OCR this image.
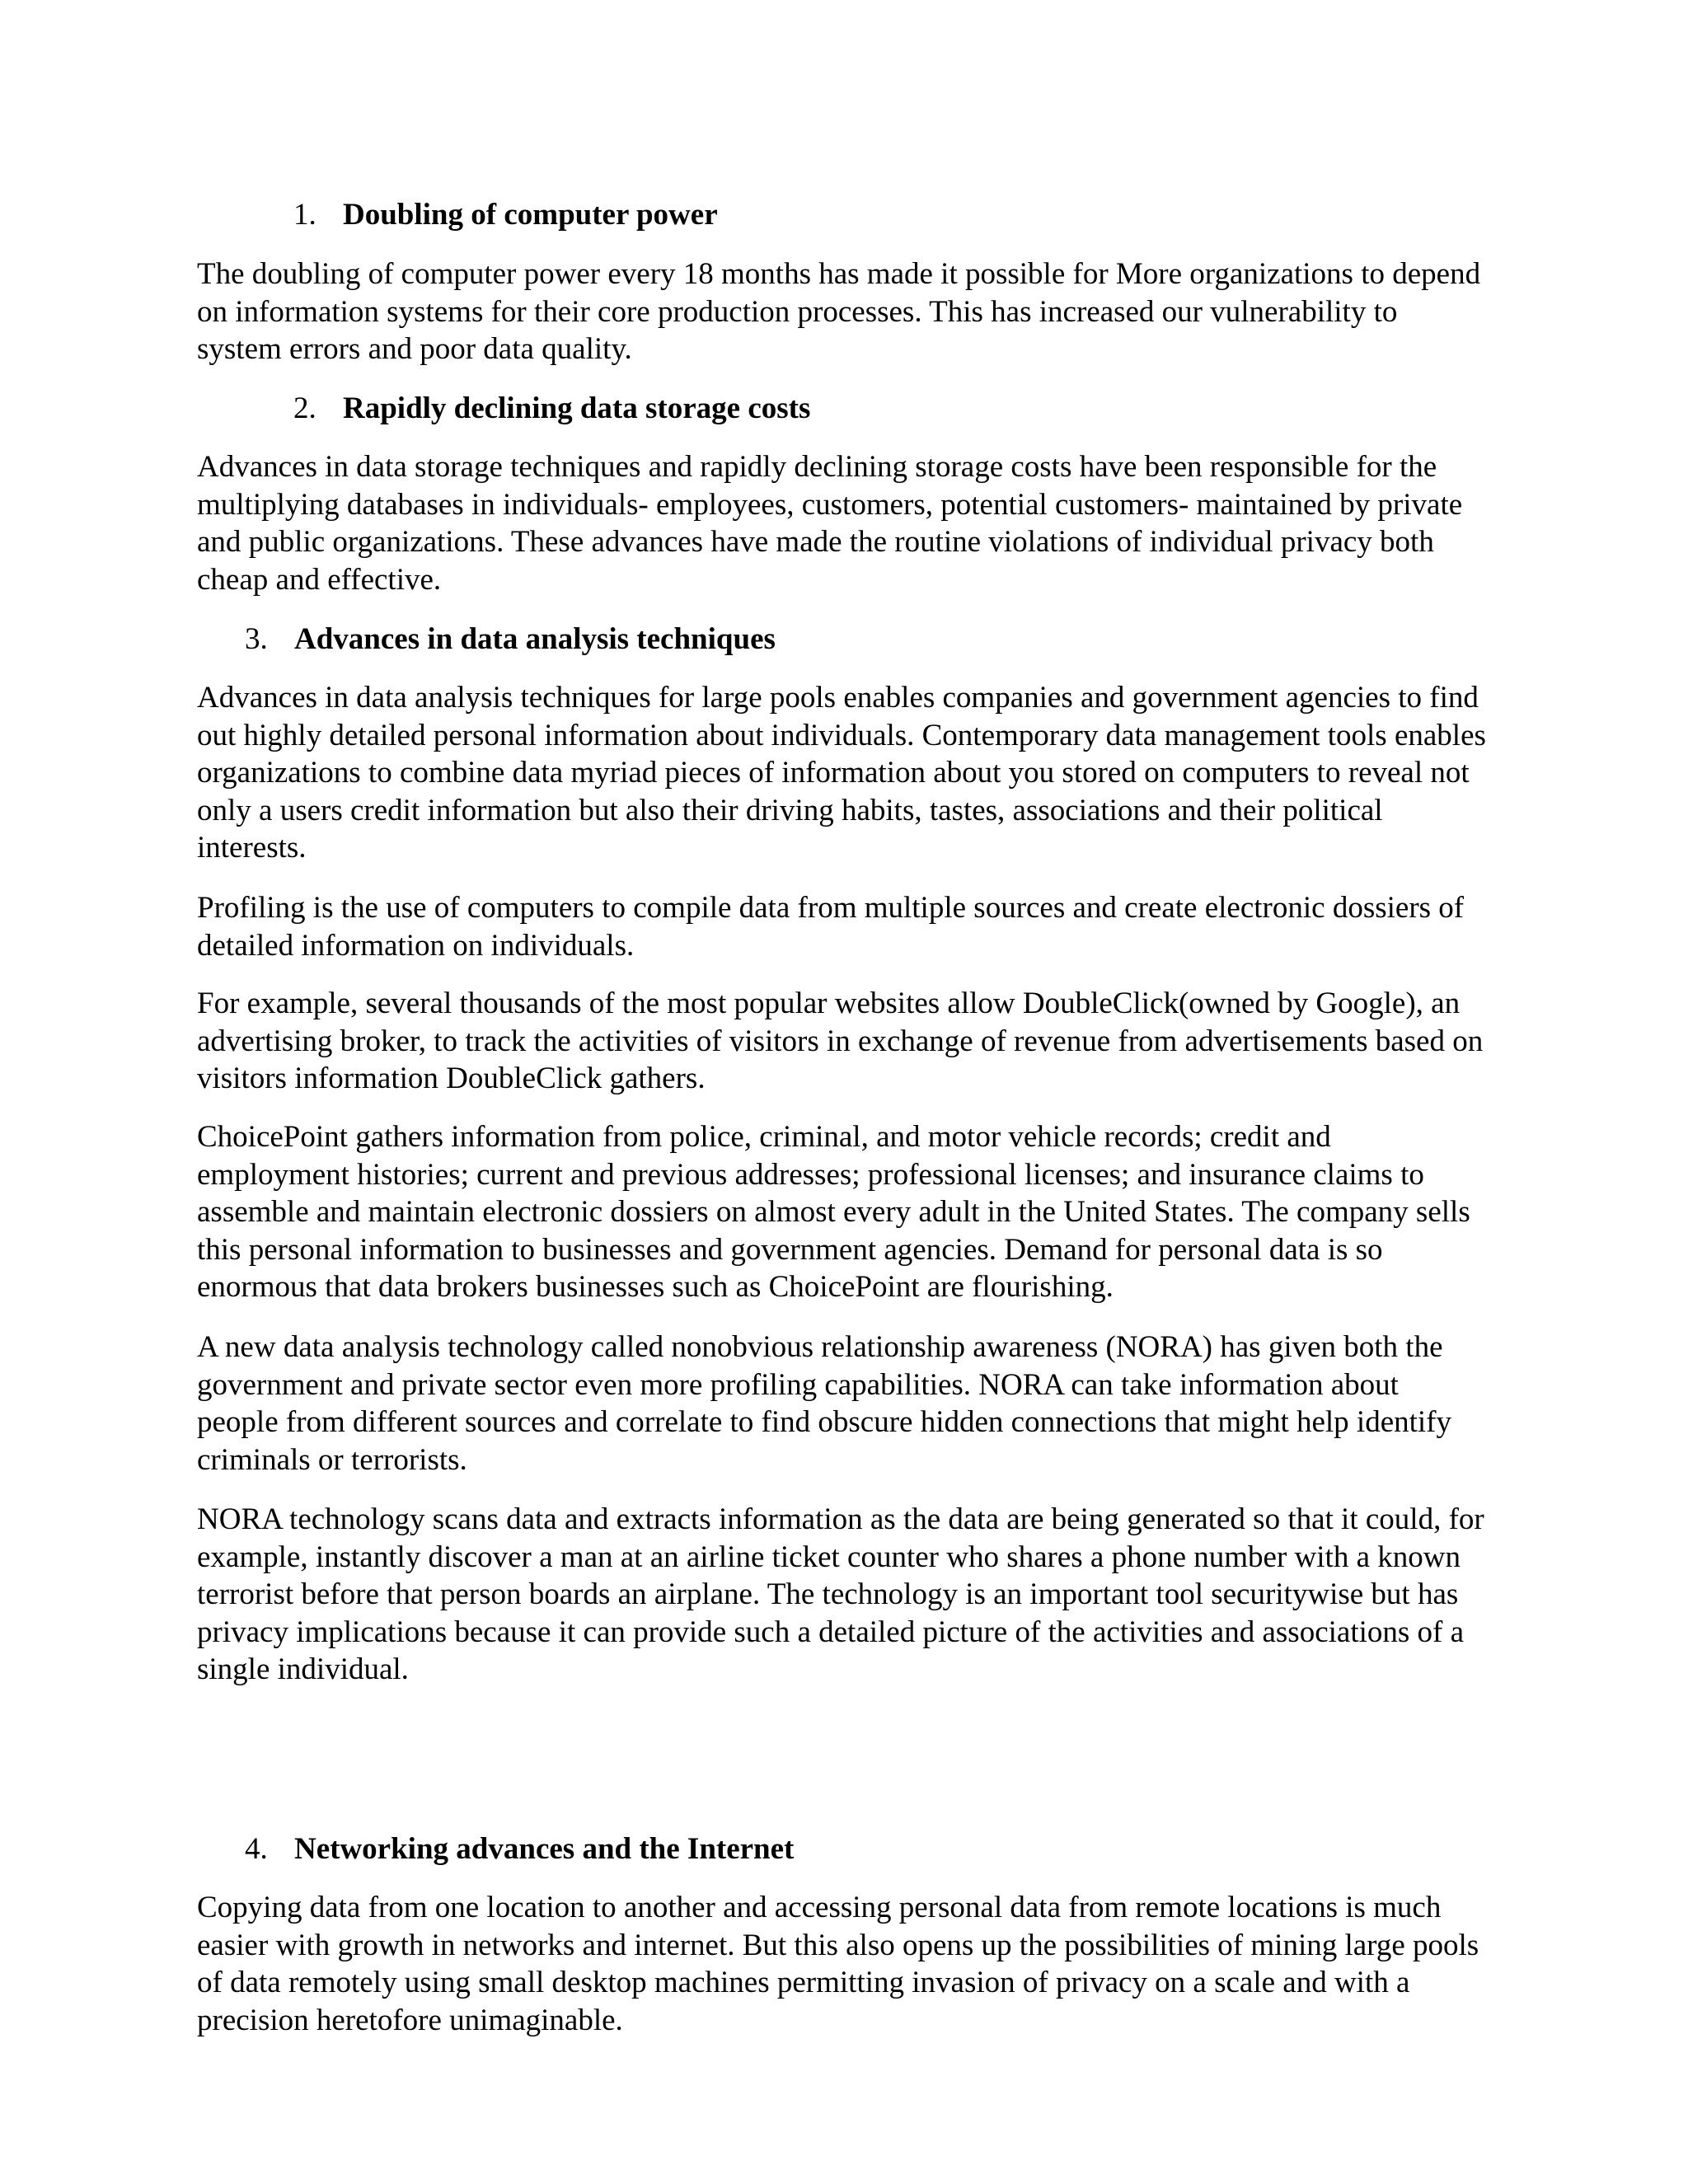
1. Doubling of computer power
The doubling of computer power every 18 months has made it possible for More organizations to depend
on information systems for their core production processes. This has increased our vulnerability to
system errors and poor data quality.
2. Rapidly declining data storage costs
Advances in data storage techniques and rapidly declining storage costs have been responsible for the
multiplying databases in individuals- employees, customers, potential customers- maintained by private
and public organizations. These advances have made the routine violations of individual privacy both
cheap and effective.
3. Advances in data analysis techniques
Advances in data analysis techniques for large pools enables companies and government agencies to find
out highly detailed personal information about individuals. Contemporary data management tools enables
organizations to combine data myriad pieces of information about you stored on computers to reveal not
only a users credit information but also their driving habits, tastes, associations and their political
interests.
Profiling is the use of computers to compile data from multiple sources and create electronic dossiers of
detailed information on individuals.
For example, several thousands of the most popular websites allow DoubleClick(owned by Google), an
advertising broker, to track the activities of visitors in exchange of revenue from advertisements based on
visitors information DoubleClick gathers.
ChoicePoint gathers information from police, criminal, and motor vehicle records; credit and
employment histories; current and previous addresses; professional licenses; and insurance claims to
assemble and maintain electronic dossiers on almost every adult in the United States. The company sells
this personal information to businesses and government agencies. Demand for personal data is so
enormous that data brokers businesses such as ChoicePoint are flourishing.
A new data analysis technology called nonobvious relationship awareness (NORA) has given both the
government and private sector even more profiling capabilities. NORA can take information about
people from different sources and correlate to find obscure hidden connections that might help identify
criminals or terrorists.
NORA technology scans data and extracts information as the data are being generated so that it could, for
example, instantly discover a man at an airline ticket counter who shares a phone number with a known
terrorist before that person boards an airplane. The technology is an important tool securitywise but has
privacy implications because it can provide such a detailed picture of the activities and associations of a
single individual.
4. Networking advances and the Internet
Copying data from one location to another and accessing personal data from remote locations is much
easier with growth in networks and internet. But this also opens up the possibilities of mining large pools
of data remotely using small desktop machines permitting invasion of privacy on a scale and with a
precision heretofore unimaginable.
